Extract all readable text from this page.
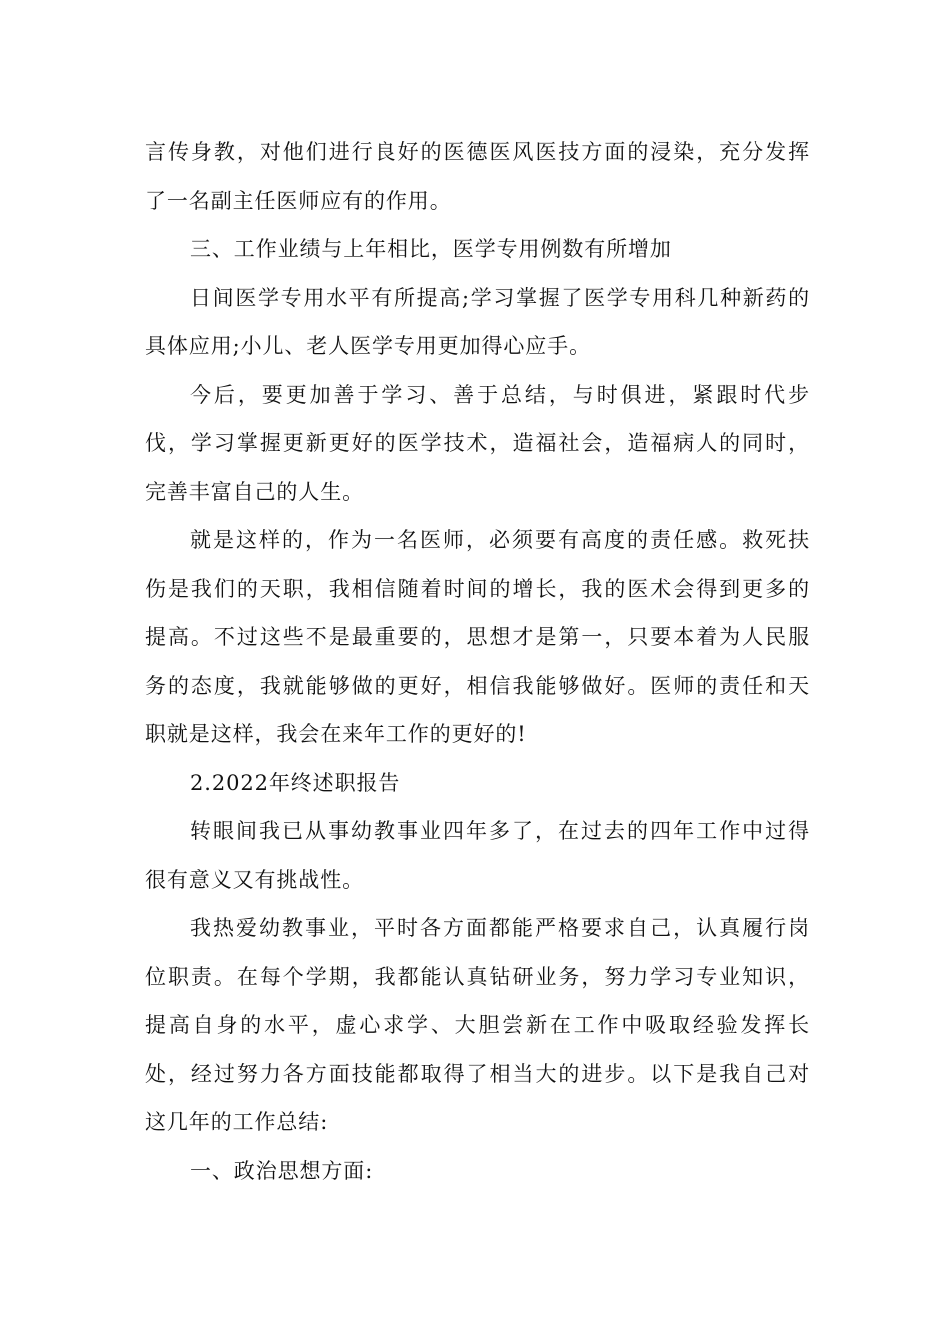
言传身教，对他们进行良好的医德医风医技方面的浸染，充分发挥
了一名副主任医师应有的作用。
三、工作业绩与上年相比，医学专用例数有所增加
日间医学专用水平有所提高;学习掌握了医学专用科几种新药的
具体应用;小儿、老人医学专用更加得心应手。
今后，要更加善于学习、善于总结，与时俱进，紧跟时代步
伐，学习掌握更新更好的医学技术，造福社会，造福病人的同时，
完善丰富自己的人生。
就是这样的，作为一名医师，必须要有高度的责任感。救死扶
伤是我们的天职，我相信随着时间的增长，我的医术会得到更多的
提高。不过这些不是最重要的，思想才是第一，只要本着为人民服
务的态度，我就能够做的更好，相信我能够做好。医师的责任和天
职就是这样，我会在来年工作的更好的!
2.2022年终述职报告
转眼间我已从事幼教事业四年多了，在过去的四年工作中过得
很有意义又有挑战性。
我热爱幼教事业，平时各方面都能严格要求自己，认真履行岗
位职责。在每个学期，我都能认真钻研业务，努力学习专业知识，
提高自身的水平，虚心求学、大胆尝新在工作中吸取经验发挥长
处，经过努力各方面技能都取得了相当大的进步。以下是我自己对
这几年的工作总结:
一、政治思想方面:
